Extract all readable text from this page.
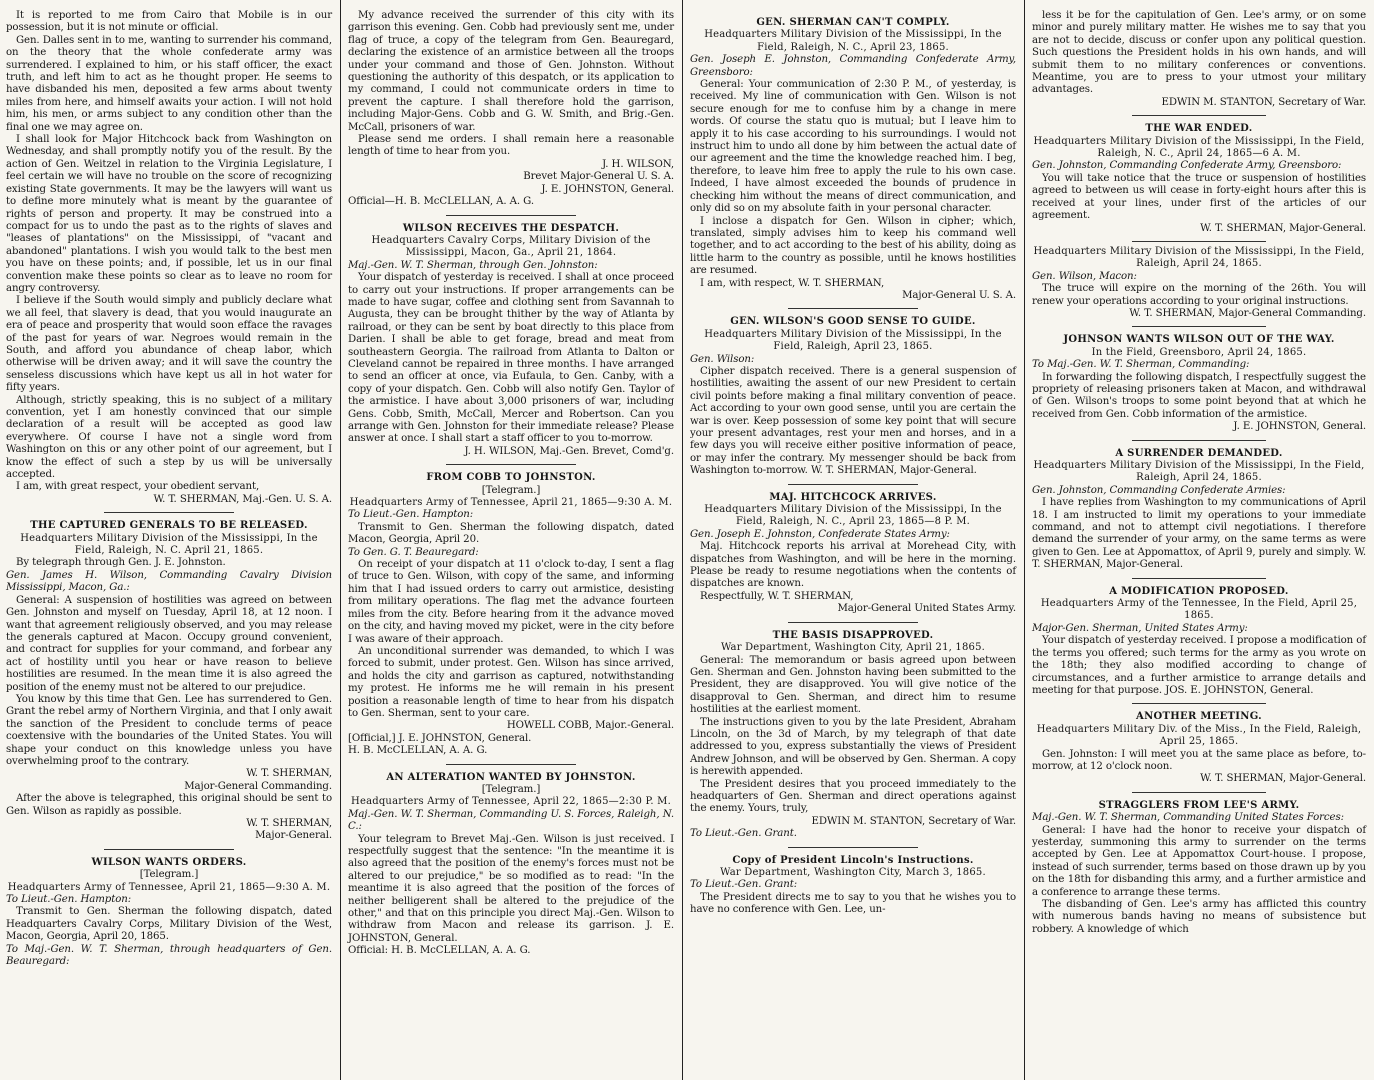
It is reported to me from Cairo that Mobile is in our possession, but it is not minute or official.

Gen. Dalles sent in to me, wanting to surrender his command, on the theory that the whole confederate army was surrendered. I explained to him, or his staff officer, the exact truth, and left him to act as he thought proper. He seems to have disbanded his men, deposited a few arms about twenty miles from here, and himself awaits your action. I will not hold him, his men, or arms subject to any condition other than the final one we may agree on.

I shall look for Major Hitchcock back from Washington on Wednesday, and shall promptly notify you of the result. By the action of Gen. Weitzel in relation to the Virginia Legislature, I feel certain we will have no trouble on the score of recognizing existing State governments. It may be the lawyers will want us to define more minutely what is meant by the guarantee of rights of person and property. It may be construed into a compact for us to undo the past as to the rights of slaves and "leases of plantations" on the Mississippi, of "vacant and abandoned" plantations. I wish you would talk to the best men you have on these points; and, if possible, let us in our final convention make these points so clear as to leave no room for angry controversy.

I believe if the South would simply and publicly declare what we all feel, that slavery is dead, that you would inaugurate an era of peace and prosperity that would soon efface the ravages of the past for years of war. Negroes would remain in the South, and afford you abundance of cheap labor, which otherwise will be driven away; and it will save the country the senseless discussions which have kept us all in hot water for fifty years.

Although, strictly speaking, this is no subject of a military convention, yet I am honestly convinced that our simple declaration of a result will be accepted as good law everywhere. Of course I have not a single word from Washington on this or any other point of our agreement, but I know the effect of such a step by us will be universally accepted.

I am, with great respect, your obedient servant,

W. T. SHERMAN, Maj.-Gen. U. S. A.

THE CAPTURED GENERALS TO BE RELEASED.

Headquarters Military Division of the Mississippi, In the Field, Raleigh, N. C. April 21, 1865.

By telegraph through Gen. J. E. Johnston.

Gen. James H. Wilson, Commanding Cavalry Division Mississippi, Macon, Ga.:

General: A suspension of hostilities was agreed on between Gen. Johnston and myself on Tuesday, April 18, at 12 noon. I want that agreement religiously observed, and you may release the generals captured at Macon. Occupy ground convenient, and contract for supplies for your command, and forbear any act of hostility until you hear or have reason to believe hostilities are resumed. In the mean time it is also agreed the position of the enemy must not be altered to our prejudice.

You know by this time that Gen. Lee has surrendered to Gen. Grant the rebel army of Northern Virginia, and that I only await the sanction of the President to conclude terms of peace coextensive with the boundaries of the United States. You will shape your conduct on this knowledge unless you have overwhelming proof to the contrary.

W. T. SHERMAN,

Major-General Commanding.

After the above is telegraphed, this original should be sent to Gen. Wilson as rapidly as possible.

W. T. SHERMAN,

Major-General.

WILSON WANTS ORDERS.

[Telegram.]

Headquarters Army of Tennessee, April 21, 1865—9:30 A. M.

To Lieut.-Gen. Hampton:

Transmit to Gen. Sherman the following dispatch, dated Headquarters Cavalry Corps, Military Division of the West, Macon, Georgia, April 20, 1865.

To Maj.-Gen. W. T. Sherman, through headquarters of Gen. Beauregard:

My advance received the surrender of this city with its garrison this evening. Gen. Cobb had previously sent me, under flag of truce, a copy of the telegram from Gen. Beauregard, declaring the existence of an armistice between all the troops under your command and those of Gen. Johnston. Without questioning the authority of this despatch, or its application to my command, I could not communicate orders in time to prevent the capture. I shall therefore hold the garrison, including Major-Gens. Cobb and G. W. Smith, and Brig.-Gen. McCall, prisoners of war.

Please send me orders. I shall remain here a reasonable length of time to hear from you.

J. H. WILSON,

Brevet Major-General U. S. A.

J. E. JOHNSTON, General.

Official—H. B. McCLELLAN, A. A. G.

WILSON RECEIVES THE DESPATCH.

Headquarters Cavalry Corps, Military Division of the Mississippi, Macon, Ga., April 21, 1864.

Maj.-Gen. W. T. Sherman, through Gen. Johnston:

Your dispatch of yesterday is received. I shall at once proceed to carry out your instructions. If proper arrangements can be made to have sugar, coffee and clothing sent from Savannah to Augusta, they can be brought thither by the way of Atlanta by railroad, or they can be sent by boat directly to this place from Darien. I shall be able to get forage, bread and meat from southeastern Georgia. The railroad from Atlanta to Dalton or Cleveland cannot be repaired in three months. I have arranged to send an officer at once, via Eufaula, to Gen. Canby, with a copy of your dispatch. Gen. Cobb will also notify Gen. Taylor of the armistice. I have about 3,000 prisoners of war, including Gens. Cobb, Smith, McCall, Mercer and Robertson. Can you arrange with Gen. Johnston for their immediate release? Please answer at once. I shall start a staff officer to you to-morrow.

J. H. WILSON, Maj.-Gen. Brevet, Comd'g.

FROM COBB TO JOHNSTON.

[Telegram.]

Headquarters Army of Tennessee, April 21, 1865—9:30 A. M.

To Lieut.-Gen. Hampton:

Transmit to Gen. Sherman the following dispatch, dated Macon, Georgia, April 20.

To Gen. G. T. Beauregard:

On receipt of your dispatch at 11 o'clock to-day, I sent a flag of truce to Gen. Wilson, with copy of the same, and informing him that I had issued orders to carry out armistice, desisting from military operations. The flag met the advance fourteen miles from the city. Before hearing from it the advance moved on the city, and having moved my picket, were in the city before I was aware of their approach.

An unconditional surrender was demanded, to which I was forced to submit, under protest. Gen. Wilson has since arrived, and holds the city and garrison as captured, notwithstanding my protest. He informs me he will remain in his present position a reasonable length of time to hear from his dispatch to Gen. Sherman, sent to your care.

HOWELL COBB, Major.-General.

[Official,] J. E. JOHNSTON, General.

H. B. McCLELLAN, A. A. G.

AN ALTERATION WANTED BY JOHNSTON.

[Telegram.]

Headquarters Army of Tennessee, April 22, 1865—2:30 P. M.

Maj.-Gen. W. T. Sherman, Commanding U. S. Forces, Raleigh, N. C.:

Your telegram to Brevet Maj.-Gen. Wilson is just received. I respectfully suggest that the sentence: "In the meantime it is also agreed that the position of the enemy's forces must not be altered to our prejudice," be so modified as to read: "In the meantime it is also agreed that the position of the forces of neither belligerent shall be altered to the prejudice of the other," and that on this principle you direct Maj.-Gen. Wilson to withdraw from Macon and release its garrison. J. E. JOHNSTON, General.

Official: H. B. McCLELLAN, A. A. G.

GEN. SHERMAN CAN'T COMPLY.

Headquarters Military Division of the Mississippi, In the Field, Raleigh, N. C., April 23, 1865.

Gen. Joseph E. Johnston, Commanding Confederate Army, Greensboro:

General: Your communication of 2:30 P. M., of yesterday, is received. My line of communication with Gen. Wilson is not secure enough for me to confuse him by a change in mere words. Of course the statu quo is mutual; but I leave him to apply it to his case according to his surroundings. I would not instruct him to undo all done by him between the actual date of our agreement and the time the knowledge reached him. I beg, therefore, to leave him free to apply the rule to his own case. Indeed, I have almost exceeded the bounds of prudence in checking him without the means of direct communication, and only did so on my absolute faith in your personal character.

I inclose a dispatch for Gen. Wilson in cipher; which, translated, simply advises him to keep his command well together, and to act according to the best of his ability, doing as little harm to the country as possible, until he knows hostilities are resumed.

I am, with respect, W. T. SHERMAN,

Major-General U. S. A.

GEN. WILSON'S GOOD SENSE TO GUIDE.

Headquarters Military Division of the Mississippi, In the Field, Raleigh, April 23, 1865.

Gen. Wilson:

Cipher dispatch received. There is a general suspension of hostilities, awaiting the assent of our new President to certain civil points before making a final military convention of peace. Act according to your own good sense, until you are certain the war is over. Keep possession of some key point that will secure your present advantages, rest your men and horses, and in a few days you will receive either positive information of peace, or may infer the contrary. My messenger should be back from Washington to-morrow. W. T. SHERMAN, Major-General.

MAJ. HITCHCOCK ARRIVES.

Headquarters Military Division of the Mississippi, In the Field, Raleigh, N. C., April 23, 1865—8 P. M.

Gen. Joseph E. Johnston, Confederate States Army:

Maj. Hitchcock reports his arrival at Morehead City, with dispatches from Washington, and will be here in the morning. Please be ready to resume negotiations when the contents of dispatches are known.

Respectfully, W. T. SHERMAN,

Major-General United States Army.

THE BASIS DISAPPROVED.

War Department, Washington City, April 21, 1865.

General: The memorandum or basis agreed upon between Gen. Sherman and Gen. Johnston having been submitted to the President, they are disapproved. You will give notice of the disapproval to Gen. Sherman, and direct him to resume hostilities at the earliest moment.

The instructions given to you by the late President, Abraham Lincoln, on the 3d of March, by my telegraph of that date addressed to you, express substantially the views of President Andrew Johnson, and will be observed by Gen. Sherman. A copy is herewith appended.

The President desires that you proceed immediately to the headquarters of Gen. Sherman and direct operations against the enemy. Yours, truly,

EDWIN M. STANTON, Secretary of War.

To Lieut.-Gen. Grant.

Copy of President Lincoln's Instructions.

War Department, Washington City, March 3, 1865.

To Lieut.-Gen. Grant:

The President directs me to say to you that he wishes you to have no conference with Gen. Lee, un-

less it be for the capitulation of Gen. Lee's army, or on some minor and purely military matter. He wishes me to say that you are not to decide, discuss or confer upon any political question. Such questions the President holds in his own hands, and will submit them to no military conferences or conventions. Meantime, you are to press to your utmost your military advantages.

EDWIN M. STANTON, Secretary of War.

THE WAR ENDED.

Headquarters Military Division of the Mississippi, In the Field, Raleigh, N. C., April 24, 1865—6 A. M.

Gen. Johnston, Commanding Confederate Army, Greensboro:

You will take notice that the truce or suspension of hostilities agreed to between us will cease in forty-eight hours after this is received at your lines, under first of the articles of our agreement.

W. T. SHERMAN, Major-General.

Headquarters Military Division of the Mississippi, In the Field, Raleigh, April 24, 1865.

Gen. Wilson, Macon:

The truce will expire on the morning of the 26th. You will renew your operations according to your original instructions.

W. T. SHERMAN, Major-General Commanding.

JOHNSON WANTS WILSON OUT OF THE WAY.

In the Field, Greensboro, April 24, 1865.

To Maj.-Gen. W. T. Sherman, Commanding:

In forwarding the following dispatch, I respectfully suggest the propriety of releasing prisoners taken at Macon, and withdrawal of Gen. Wilson's troops to some point beyond that at which he received from Gen. Cobb information of the armistice.

J. E. JOHNSTON, General.

A SURRENDER DEMANDED.

Headquarters Military Division of the Mississippi, In the Field, Raleigh, April 24, 1865.

Gen. Johnston, Commanding Confederate Armies:

I have replies from Washington to my communications of April 18. I am instructed to limit my operations to your immediate command, and not to attempt civil negotiations. I therefore demand the surrender of your army, on the same terms as were given to Gen. Lee at Appomattox, of April 9, purely and simply. W. T. SHERMAN, Major-General.

A MODIFICATION PROPOSED.

Headquarters Army of the Tennessee, In the Field, April 25, 1865.

Major-Gen. Sherman, United States Army:

Your dispatch of yesterday received. I propose a modification of the terms you offered; such terms for the army as you wrote on the 18th; they also modified according to change of circumstances, and a further armistice to arrange details and meeting for that purpose. JOS. E. JOHNSTON, General.

ANOTHER MEETING.

Headquarters Military Div. of the Miss., In the Field, Raleigh, April 25, 1865.

Gen. Johnston: I will meet you at the same place as before, to-morrow, at 12 o'clock noon.

W. T. SHERMAN, Major-General.

STRAGGLERS FROM LEE'S ARMY.

Maj.-Gen. W. T. Sherman, Commanding United States Forces:

General: I have had the honor to receive your dispatch of yesterday, summoning this army to surrender on the terms accepted by Gen. Lee at Appomattox Court-house. I propose, instead of such surrender, terms based on those drawn up by you on the 18th for disbanding this army, and a further armistice and a conference to arrange these terms.

The disbanding of Gen. Lee's army has afflicted this country with numerous bands having no means of subsistence but robbery. A knowledge of which
